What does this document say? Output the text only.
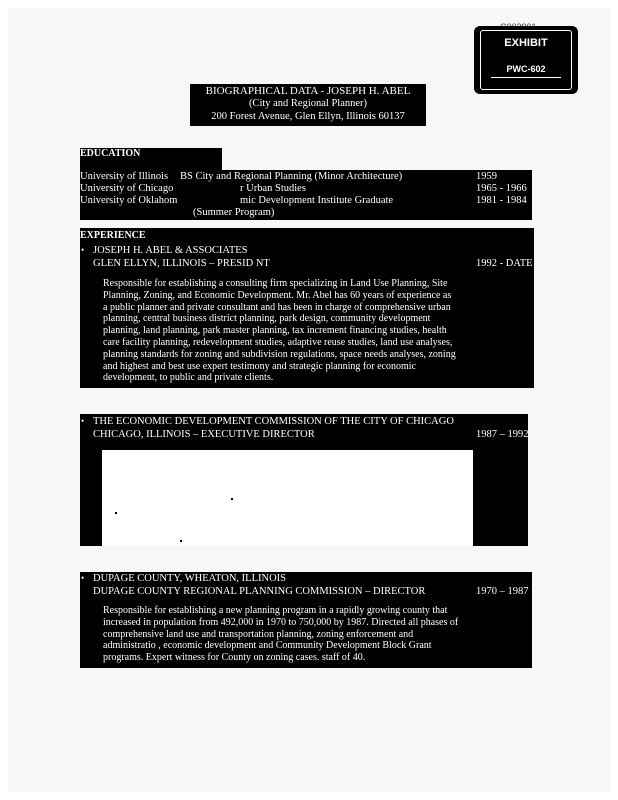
EXHIBIT
PWC-602
BIOGRAPHICAL DATA - JOSEPH H. ABEL
(City and Regional Planner)
200 Forest Avenue, Glen Ellyn, Illinois 60137
EDUCATION
University of Illinois BS City and Regional Planning (Minor Architecture)	1959
University of Chicago	r Urban Studies	1965 - 1966
University of Oklahom	mic Development Institute Graduate	1981 - 1984
(Summer Program)
EXPERIENCE
• JOSEPH H. ABEL & ASSOCIATES
GLEN ELLYN, ILLINOIS – PRESID NT	1992 - DATE
Responsible for establishing a consulting firm specializing in Land Use Planning, Site
Planning, Zoning, and Economic Development. Mr. Abel has 60 years of experience as
a public planner and private consultant and has been in charge of comprehensive urban
planning, central business district planning, park design, community development
planning, land planning, park master planning, tax increment financing studies, health
care facility planning, redevelopment studies, adaptive reuse studies, land use analyses,
planning standards for zoning and subdivision regulations, space needs analyses, zoning
and highest and best use expert testimony and strategic planning for economic
development, to public and private clients.
• THE ECONOMIC DEVELOPMENT COMMISSION OF THE CITY OF CHICAGO
CHICAGO, ILLINOIS – EXECUTIVE DIRECTOR	1987 – 1992
• DUPAGE COUNTY, WHEATON, ILLINOIS
DUPAGE COUNTY REGIONAL PLANNING COMMISSION – DIRECTOR	1970 – 1987
Responsible for establishing a new planning program in a rapidly growing county that
increased in population from 492,000 in 1970 to 750,000 by 1987. Directed all phases of
comprehensive land use and transportation planning, zoning enforcement and
administratio , economic development and Community Development Block Grant
programs. Expert witness for County on zoning cases. staff of 40.
